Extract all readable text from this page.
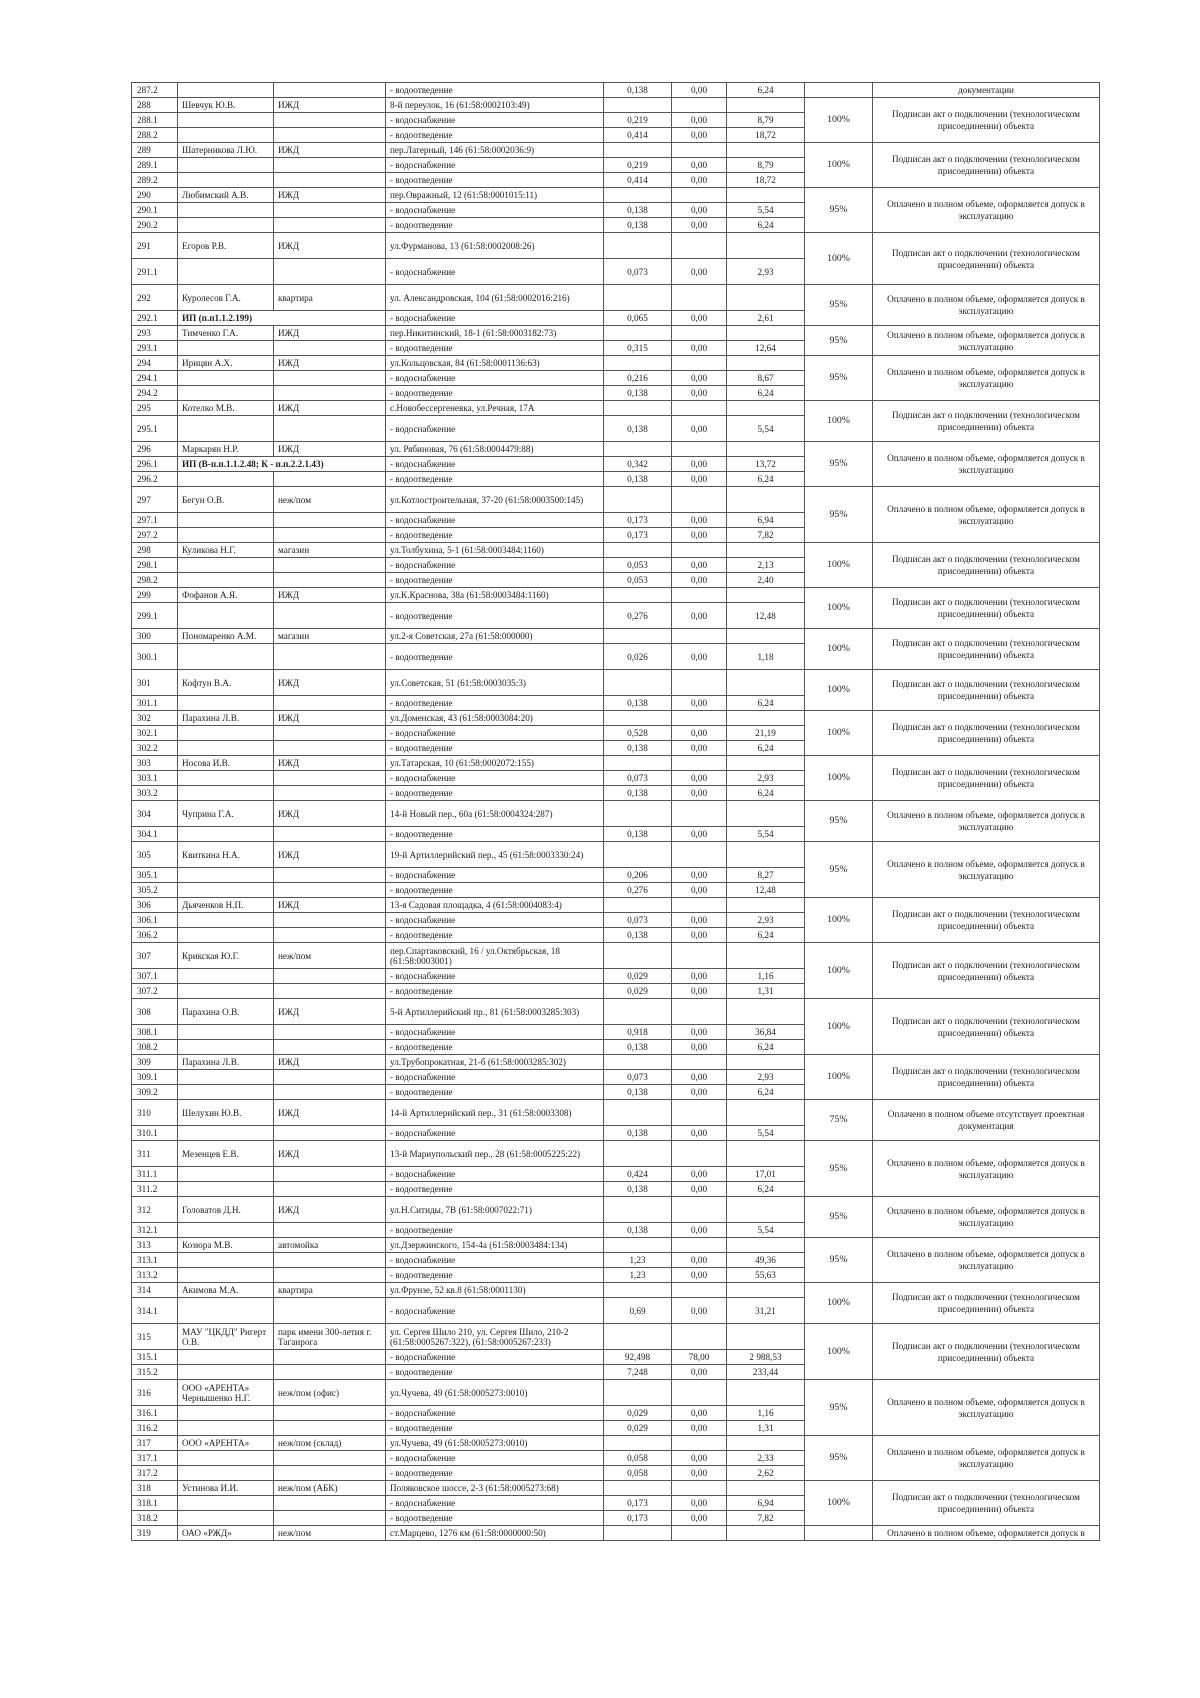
287.2			- водоотведение	0,138	0,00	6,24		документации
288	Шевчук Ю.В.	ИЖД	8-й переулок, 16 (61:58:0002103:49)				100%	Подписан акт о подключении (технологическом присоединении) объекта
288.1			- водоснабжение	0,219	0,00	8,79		
288.2			- водоотведение	0,414	0,00	18,72		
289	Шатерникова Л.Ю.	ИЖД	пер.Лагерный, 146 (61:58:0002036:9)				100%	Подписан акт о подключении (технологическом присоединении) объекта
289.1			- водоснабжение	0,219	0,00	8,79		
289.2			- водоотведение	0,414	0,00	18,72		
290	Любимский А.В.	ИЖД	пер.Овражный, 12 (61:58:0001015:11)				95%	Оплачено в полном объеме, оформляется допуск в эксплуатацию
290.1			- водоснабжение	0,138	0,00	5,54		
290.2			- водоотведение	0,138	0,00	6,24		
291	Егоров Р.В.	ИЖД	ул.Фурманова, 13 (61:58:0002008:26)				100%	Подписан акт о подключении (технологическом присоединении) объекта
291.1			- водоснабжение	0,073	0,00	2,93		
292	Куролесов Г.А.	квартира	ул. Александровская, 104 (61:58:0002016:216)				95%	Оплачено в полном объеме, оформляется допуск в эксплуатацию
292.1	ИП (п.п1.1.2.199)		- водоснабжение	0,065	0,00	2,61		
293	Тимченко Г.А.	ИЖД	пер.Никитинский, 18-1 (61:58:0003182:73)				95%	Оплачено в полном объеме, оформляется допуск в эксплуатацию
293.1			- водоотведение	0,315	0,00	12,64		
294	Ирицян А.Х.	ИЖД	ул.Кольцовская, 84 (61:58:0001136:63)				95%	Оплачено в полном объеме, оформляется допуск в эксплуатацию
294.1			- водоснабжение	0,216	0,00	8,67		
294.2			- водоотведение	0,138	0,00	6,24		
295	Котелко М.В.	ИЖД	с.Новобессергеневка, ул.Речная, 17А				100%	Подписан акт о подключении (технологическом присоединении) объекта
295.1			- водоснабжение	0,138	0,00	5,54		
296	Маркарян Н.Р.	ИЖД	ул. Рябиновая, 76 (61:58:0004479:88)				95%	Оплачено в полном объеме, оформляется допуск в эксплуатацию
296.1	ИП (В-п.п.1.1.2.48; К - п.п.2.2.1.43)		- водоснабжение	0,342	0,00	13,72		
296.2			- водоотведение	0,138	0,00	6,24		
297	Бегун О.В.	неж/пом	ул.Котлостроительная, 37-20 (61:58:0003500:145)				95%	Оплачено в полном объеме, оформляется допуск в эксплуатацию
297.1			- водоснабжение	0,173	0,00	6,94		
297.2			- водоотведение	0,173	0,00	7,82		
298	Куликова Н.Г.	магазин	ул.Толбухина, 5-1 (61:58:0003484:1160)				100%	Подписан акт о подключении (технологическом присоединении) объекта
298.1			- водоснабжение	0,053	0,00	2,13		
298.2			- водоотведение	0,053	0,00	2,40		
299	Фофанов А.Я.	ИЖД	ул.К.Краснова, 38а (61:58:0003484:1160)				100%	Подписан акт о подключении (технологическом присоединении) объекта
299.1			- водоотведение	0,276	0,00	12,48		
300	Пономаренко А.М.	магазин	ул.2-я Советская, 27а (61:58:000000)				100%	Подписан акт о подключении (технологическом присоединении) объекта
300.1			- водоотведение	0,026	0,00	1,18		
301	Кофтун В.А.	ИЖД	ул.Советская, 51 (61:58:0003035:3)				100%	Подписан акт о подключении (технологическом присоединении) объекта
301.1			- водоотведение	0,138	0,00	6,24		
302	Парахина Л.В.	ИЖД	ул.Доменская, 43 (61:58:0003084:20)				100%	Подписан акт о подключении (технологическом присоединении) объекта
302.1			- водоснабжение	0,528	0,00	21,19		
302.2			- водоотведение	0,138	0,00	6,24		
303	Носова И.В.	ИЖД	ул.Татарская, 10 (61:58:0002072:155)				100%	Подписан акт о подключении (технологическом присоединении) объекта
303.1			- водоснабжение	0,073	0,00	2,93		
303.2			- водоотведение	0,138	0,00	6,24		
304	Чуприна Г.А.	ИЖД	14-й Новый пер., 60а (61:58:0004324:287)				95%	Оплачено в полном объеме, оформляется допуск в эксплуатацию
304.1			- водоотведение	0,138	0,00	5,54		
305	Квиткина Н.А.	ИЖД	19-й Артиллерийский пер., 45 (61:58:0003330:24)				95%	Оплачено в полном объеме, оформляется допуск в эксплуатацию
305.1			- водоснабжение	0,206	0,00	8,27		
305.2			- водоотведение	0,276	0,00	12,48		
306	Дьяченков Н.П.	ИЖД	13-я Садовая площадка, 4 (61:58:0004083:4)				100%	Подписан акт о подключении (технологическом присоединении) объекта
306.1			- водоснабжение	0,073	0,00	2,93		
306.2			- водоотведение	0,138	0,00	6,24		
307	Крикская Ю.Г.	неж/пом	пер.Спартаковский, 16 / ул.Октябрьская, 18 (61:58:0003001)				100%	Подписан акт о подключении (технологическом присоединении) объекта
307.1			- водоснабжение	0,029	0,00	1,16		
307.2			- водоотведение	0,029	0,00	1,31		
308	Парахина О.В.	ИЖД	5-й Артиллерийский пр., 81 (61:58:0003285:303)				100%	Подписан акт о подключении (технологическом присоединении) объекта
308.1			- водоснабжение	0,918	0,00	36,84		
308.2			- водоотведение	0,138	0,00	6,24		
309	Парахина Л.В.	ИЖД	ул.Трубопрокатная, 21-б (61:58:0003285:302)				100%	Подписан акт о подключении (технологическом присоединении) объекта
309.1			- водоснабжение	0,073	0,00	2,93		
309.2			- водоотведение	0,138	0,00	6,24		
310	Шелухин Ю.В.	ИЖД	14-й Артиллерийский пер., 31 (61:58:0003308)				75%	Оплачено в полном объеме отсутствует проектная документация
310.1			- водоснабжение	0,138	0,00	5,54		
311	Мезенцев Е.В.	ИЖД	13-й Мариупольский пер., 28 (61:58:0005225:22)				95%	Оплачено в полном объеме, оформляется допуск в эксплуатацию
311.1			- водоснабжение	0,424	0,00	17,01		
311.2			- водоотведение	0,138	0,00	6,24		
312	Головатов Д.Н.	ИЖД	ул.Н.Ситиды, 7В (61:58:0007022:71)				95%	Оплачено в полном объеме, оформляется допуск в эксплуатацию
312.1			- водоотведение	0,138	0,00	5,54		
313	Козюра М.В.	автомойка	ул.Дзержинского, 154-4а (61:58:0003484:134)				95%	Оплачено в полном объеме, оформляется допуск в эксплуатацию
313.1			- водоснабжение	1,23	0,00	49,36		
313.2			- водоотведение	1,23	0,00	55,63		
314	Акимова М.А.	квартира	ул.Фрунзе, 52 кв.8 (61:58:0001130)				100%	Подписан акт о подключении (технологическом присоединении) объекта
314.1			- водоснабжение	0,69	0,00	31,21		
315	МАУ "ЦКДД" Ригерт О.В.	парк имени 300-летия г. Таганрога	ул. Сергея Шило 210, ул. Сергея Шило, 210-2 (61:58:0005267:322), (61:58:0005267:233)				100%	Подписан акт о подключении (технологическом присоединении) объекта
315.1			- водоснабжение	92,498	78,00	2 988,53		
315.2			- водоотведение	7,248	0,00	233,44		
316	ООО «АРЕНТА» Чернышенко Н.Г.	неж/пом (офис)	ул.Чучева, 49 (61:58:0005273:0010)				95%	Оплачено в полном объеме, оформляется допуск в эксплуатацию
316.1			- водоснабжение	0,029	0,00	1,16		
316.2			- водоотведение	0,029	0,00	1,31		
317	ООО «АРЕНТА»	неж/пом (склад)	ул.Чучева, 49 (61:58:0005273:0010)				95%	Оплачено в полном объеме, оформляется допуск в эксплуатацию
317.1			- водоснабжение	0,058	0,00	2,33		
317.2			- водоотведение	0,058	0,00	2,62		
318	Устинова И.И.	неж/пом (АБК)	Поляковское шоссе, 2-3 (61:58:0005273:68)				100%	Подписан акт о подключении (технологическом присоединении) объекта
318.1			- водоснабжение	0,173	0,00	6,94		
318.2			- водоотведение	0,173	0,00	7,82		
319	ОАО «РЖД»	неж/пом	ст.Марцево, 1276 км (61:58:0000000:50)					Оплачено в полном объеме, оформляется допуск в
